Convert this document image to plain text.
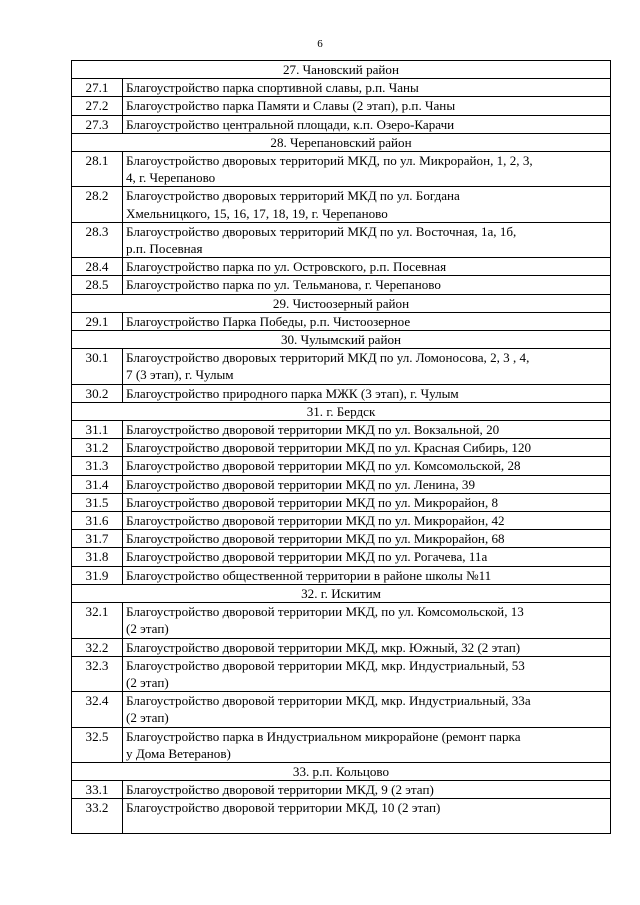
6
27. Чановский район	
27.1	Благоустройство парка спортивной славы, р.п. Чаны
27.2	Благоустройство парка Памяти и Славы (2 этап), р.п. Чаны
27.3	Благоустройство центральной площади, к.п. Озеро-Карачи
28. Черепановский район	
28.1	Благоустройство дворовых территорий МКД, по ул. Микрорайон, 1, 2, 3,
4, г. Черепаново
28.2	Благоустройство дворовых территорий МКД по ул. Богдана
Хмельницкого, 15, 16, 17, 18, 19, г. Черепаново
28.3	Благоустройство дворовых территорий МКД по ул. Восточная, 1а, 1б,
р.п. Посевная
28.4	Благоустройство парка по ул. Островского, р.п. Посевная
28.5	Благоустройство парка по ул. Тельманова, г. Черепаново
29. Чистоозерный район	
29.1	Благоустройство Парка Победы, р.п. Чистоозерное
30. Чулымский район	
30.1	Благоустройство дворовых территорий МКД по ул. Ломоносова, 2, 3 , 4,
7 (3 этап), г. Чулым
30.2	Благоустройство природного парка МЖК (3 этап), г. Чулым
31. г. Бердск	
31.1	Благоустройство дворовой территории МКД по ул. Вокзальной, 20
31.2	Благоустройство дворовой территории МКД по ул. Красная Сибирь, 120
31.3	Благоустройство дворовой территории МКД по ул. Комсомольской, 28
31.4	Благоустройство дворовой территории МКД по ул. Ленина, 39
31.5	Благоустройство дворовой территории МКД по ул. Микрорайон, 8
31.6	Благоустройство дворовой территории МКД по ул. Микрорайон, 42
31.7	Благоустройство дворовой территории МКД по ул. Микрорайон, 68
31.8	Благоустройство дворовой территории МКД по ул. Рогачева, 11а
31.9	Благоустройство общественной территории в районе школы №11
32. г. Искитим	
32.1	Благоустройство дворовой территории МКД, по ул. Комсомольской, 13
(2 этап)
32.2	Благоустройство дворовой территории МКД, мкр. Южный, 32 (2 этап)
32.3	Благоустройство дворовой территории МКД, мкр. Индустриальный, 53
(2 этап)
32.4	Благоустройство дворовой территории МКД, мкр. Индустриальный, 33а
(2 этап)
32.5	Благоустройство парка в Индустриальном микрорайоне (ремонт парка
у Дома Ветеранов)
33. р.п. Кольцово	
33.1	Благоустройство дворовой территории МКД, 9 (2 этап)
33.2	Благоустройство дворовой территории МКД, 10 (2 этап)
